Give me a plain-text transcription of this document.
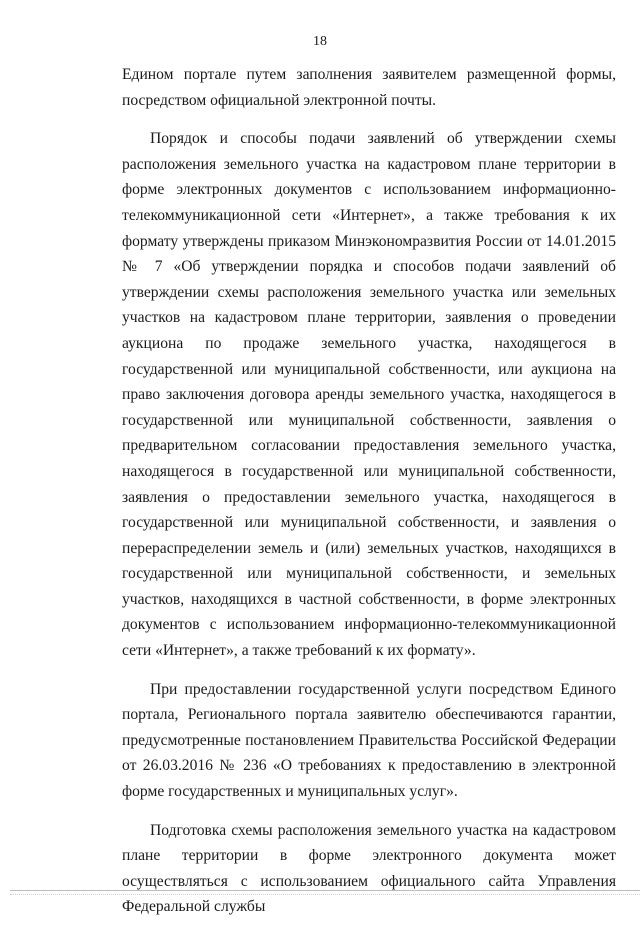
18

Едином портале путем заполнения заявителем размещенной формы, посредством официальной электронной почты.

Порядок и способы подачи заявлений об утверждении схемы расположения земельного участка на кадастровом плане территории в форме электронных документов с использованием информационно-телекоммуникационной сети «Интернет», а также требования к их формату утверждены приказом Минэкономразвития России от 14.01.2015 № 7 «Об утверждении порядка и способов подачи заявлений об утверждении схемы расположения земельного участка или земельных участков на кадастровом плане территории, заявления о проведении аукциона по продаже земельного участка, находящегося в государственной или муниципальной собственности, или аукциона на право заключения договора аренды земельного участка, находящегося в государственной или муниципальной собственности, заявления о предварительном согласовании предоставления земельного участка, находящегося в государственной или муниципальной собственности, заявления о предоставлении земельного участка, находящегося в государственной или муниципальной собственности, и заявления о перераспределении земель и (или) земельных участков, находящихся в государственной или муниципальной собственности, и земельных участков, находящихся в частной собственности, в форме электронных документов с использованием информационно-телекоммуникационной сети «Интернет», а также требований к их формату».

При предоставлении государственной услуги посредством Единого портала, Регионального портала заявителю обеспечиваются гарантии, предусмотренные постановлением Правительства Российской Федерации от 26.03.2016 № 236 «О требованиях к предоставлению в электронной форме государственных и муниципальных услуг».

Подготовка схемы расположения земельного участка на кадастровом плане территории в форме электронного документа может осуществляться с использованием официального сайта Управления Федеральной службы
